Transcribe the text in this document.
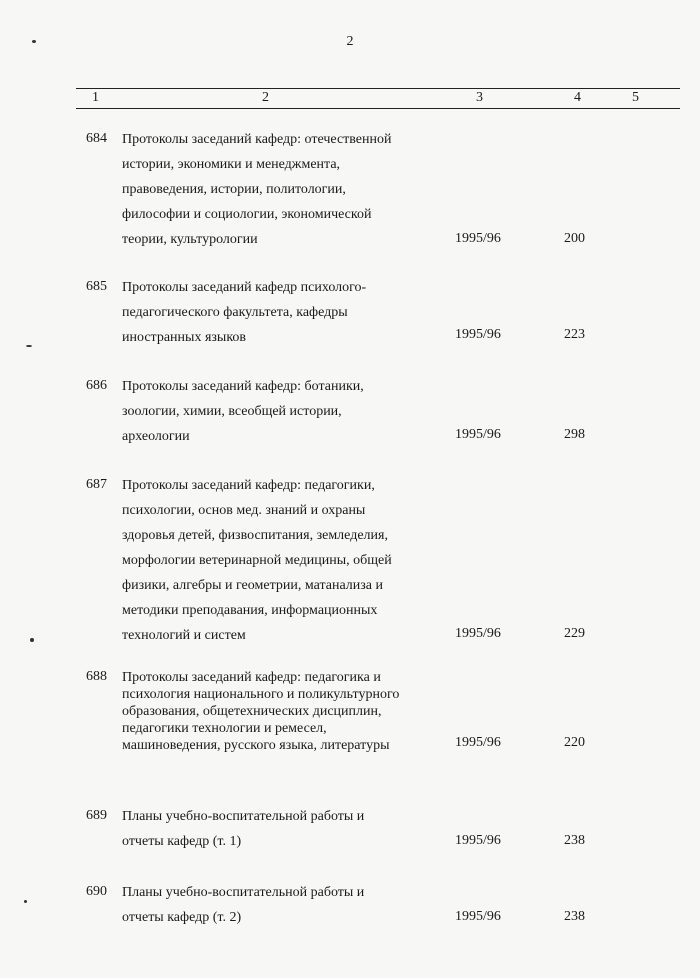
2
1	2	3	4	5
684 Протоколы заседаний кафедр: отечественной
истории, экономики и менеджмента,
правоведения, истории, политологии,
философии и социологии, экономической
теории, культурологии	1995/96	200
685 Протоколы заседаний кафедр психолого-
педагогического факультета, кафедры
иностранных языков	1995/96	223
686 Протоколы заседаний кафедр: ботаники,
зоологии, химии, всеобщей истории,
археологии	1995/96	298
687 Протоколы заседаний кафедр: педагогики,
психологии, основ мед. знаний и охраны
здоровья детей, физвоспитания, земледелия,
морфологии ветеринарной медицины, общей
физики, алгебры и геометрии, матанализа и
методики преподавания, информационных
технологий и систем	1995/96	229
688 Протоколы заседаний кафедр: педагогика и
психология национального и поликультурного
образования, общетехнических дисциплин,
педагогики технологии и ремесел,
машиноведения, русского языка, литературы	1995/96	220
689 Планы учебно-воспитательной работы и
отчеты кафедр (т. 1)	1995/96	238
690 Планы учебно-воспитательной работы и
отчеты кафедр (т. 2)	1995/96	238
